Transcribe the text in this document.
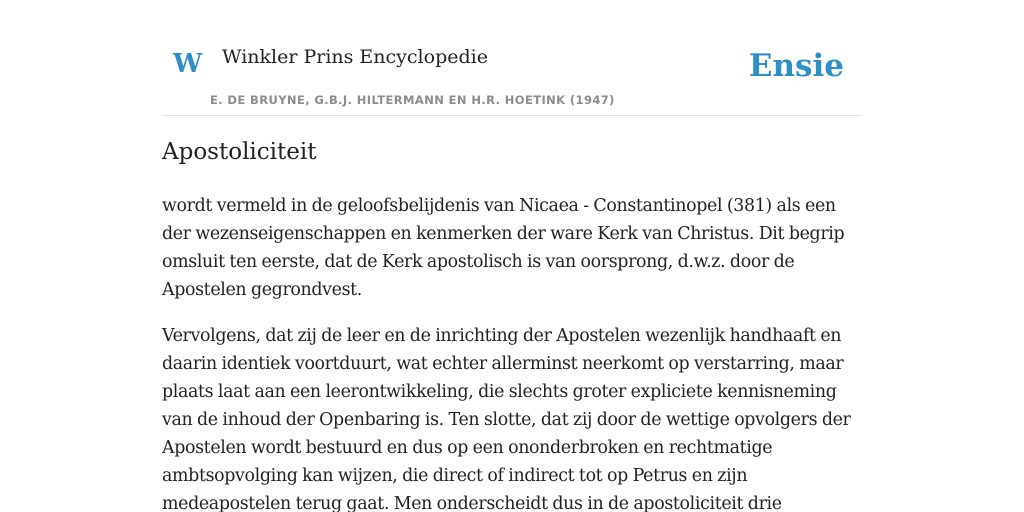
W Winkler Prins Encyclopedie
E. DE BRUYNE, G.B.J. HILTERMANN EN H.R. HOETINK (1947)
Ensie
Apostoliciteit

wordt vermeld in de geloofsbelijdenis van Nicaea - Constantinopel (381) als een der wezenseigenschappen en kenmerken der ware Kerk van Christus. Dit begrip omsluit ten eerste, dat de Kerk apostolisch is van oorsprong, d.w.z. door de Apostelen gegrondvest.

Vervolgens, dat zij de leer en de inrichting der Apostelen wezenlijk handhaaft en daarin identiek voortduurt, wat echter allerminst neerkomt op verstarring, maar plaats laat aan een leerontwikkeling, die slechts groter expliciete kennisneming van de inhoud der Openbaring is. Ten slotte, dat zij door de wettige opvolgers der Apostelen wordt bestuurd en dus op een ononderbroken en rechtmatige ambtsopvolging kan wijzen, die direct of indirect tot op Petrus en zijn medeapostelen terug gaat. Men onderscheidt dus in de apostoliciteit drie
